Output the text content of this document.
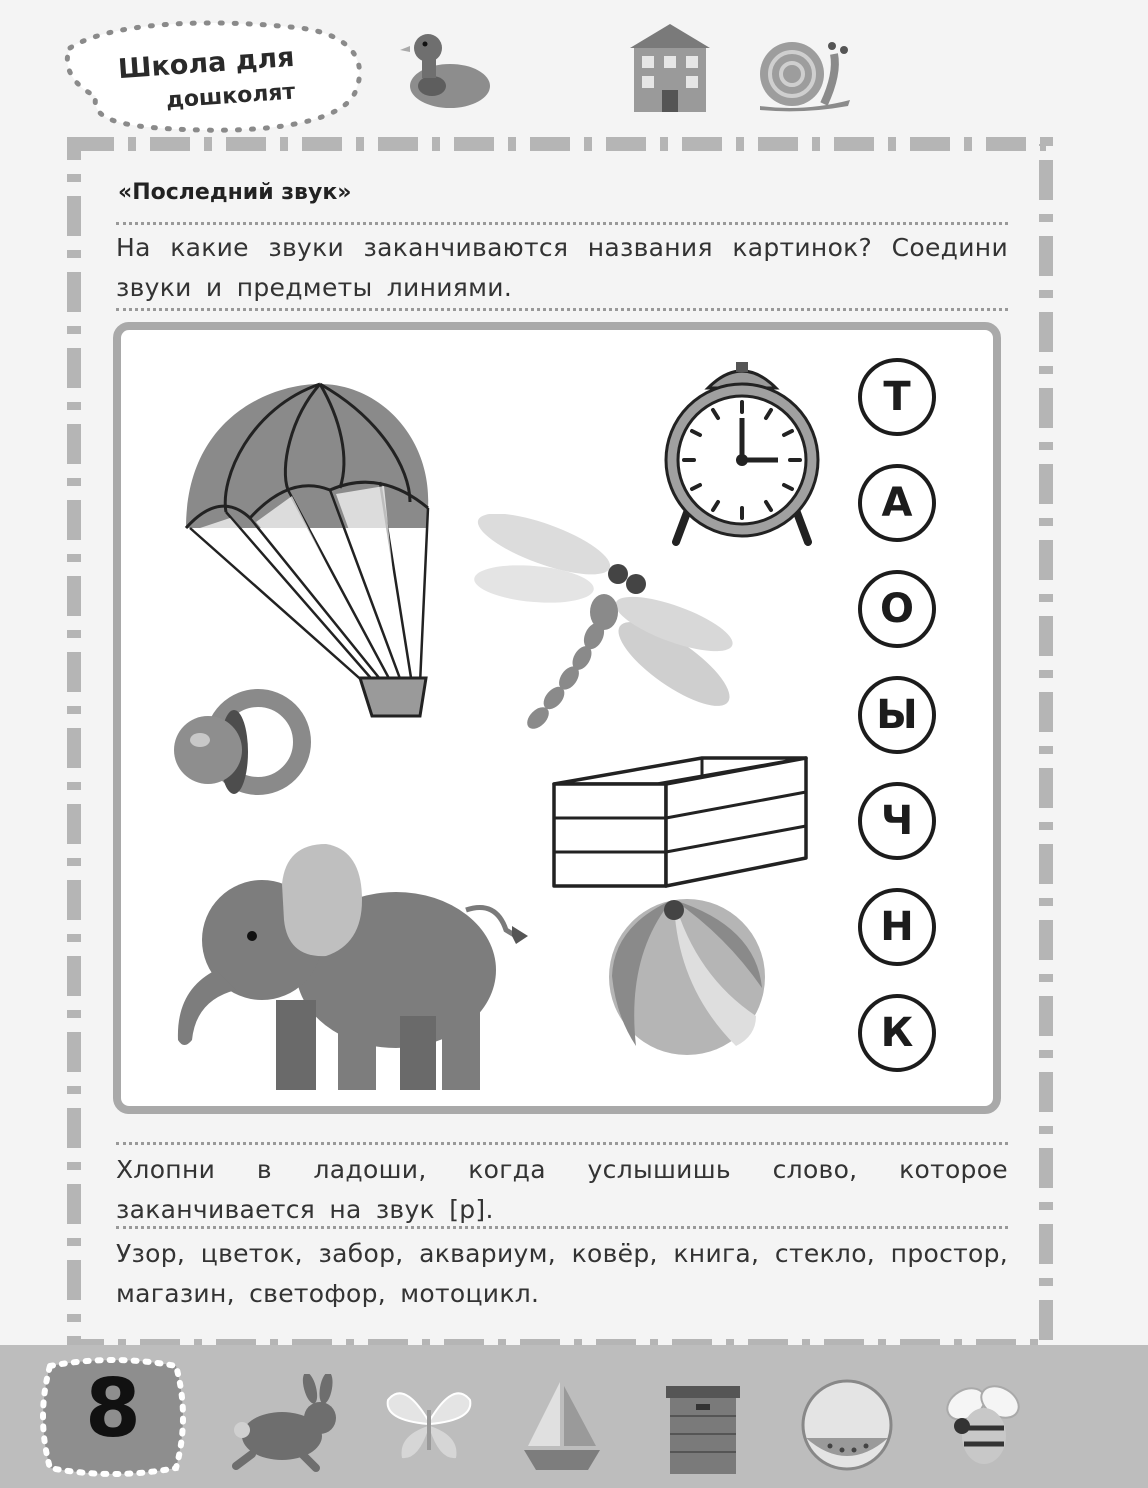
Школа для
дошколят
«Последний звук»
На какие звуки заканчиваются названия картинок? Соедини звуки и предметы линиями.
Т
А
О
Ы
Ч
Н
К
Хлопни в ладоши, когда услышишь слово, которое заканчивается на звук [р].
Узор, цветок, забор, аквариум, ковёр, книга, стекло, простор, магазин, светофор, мотоцикл.
8
